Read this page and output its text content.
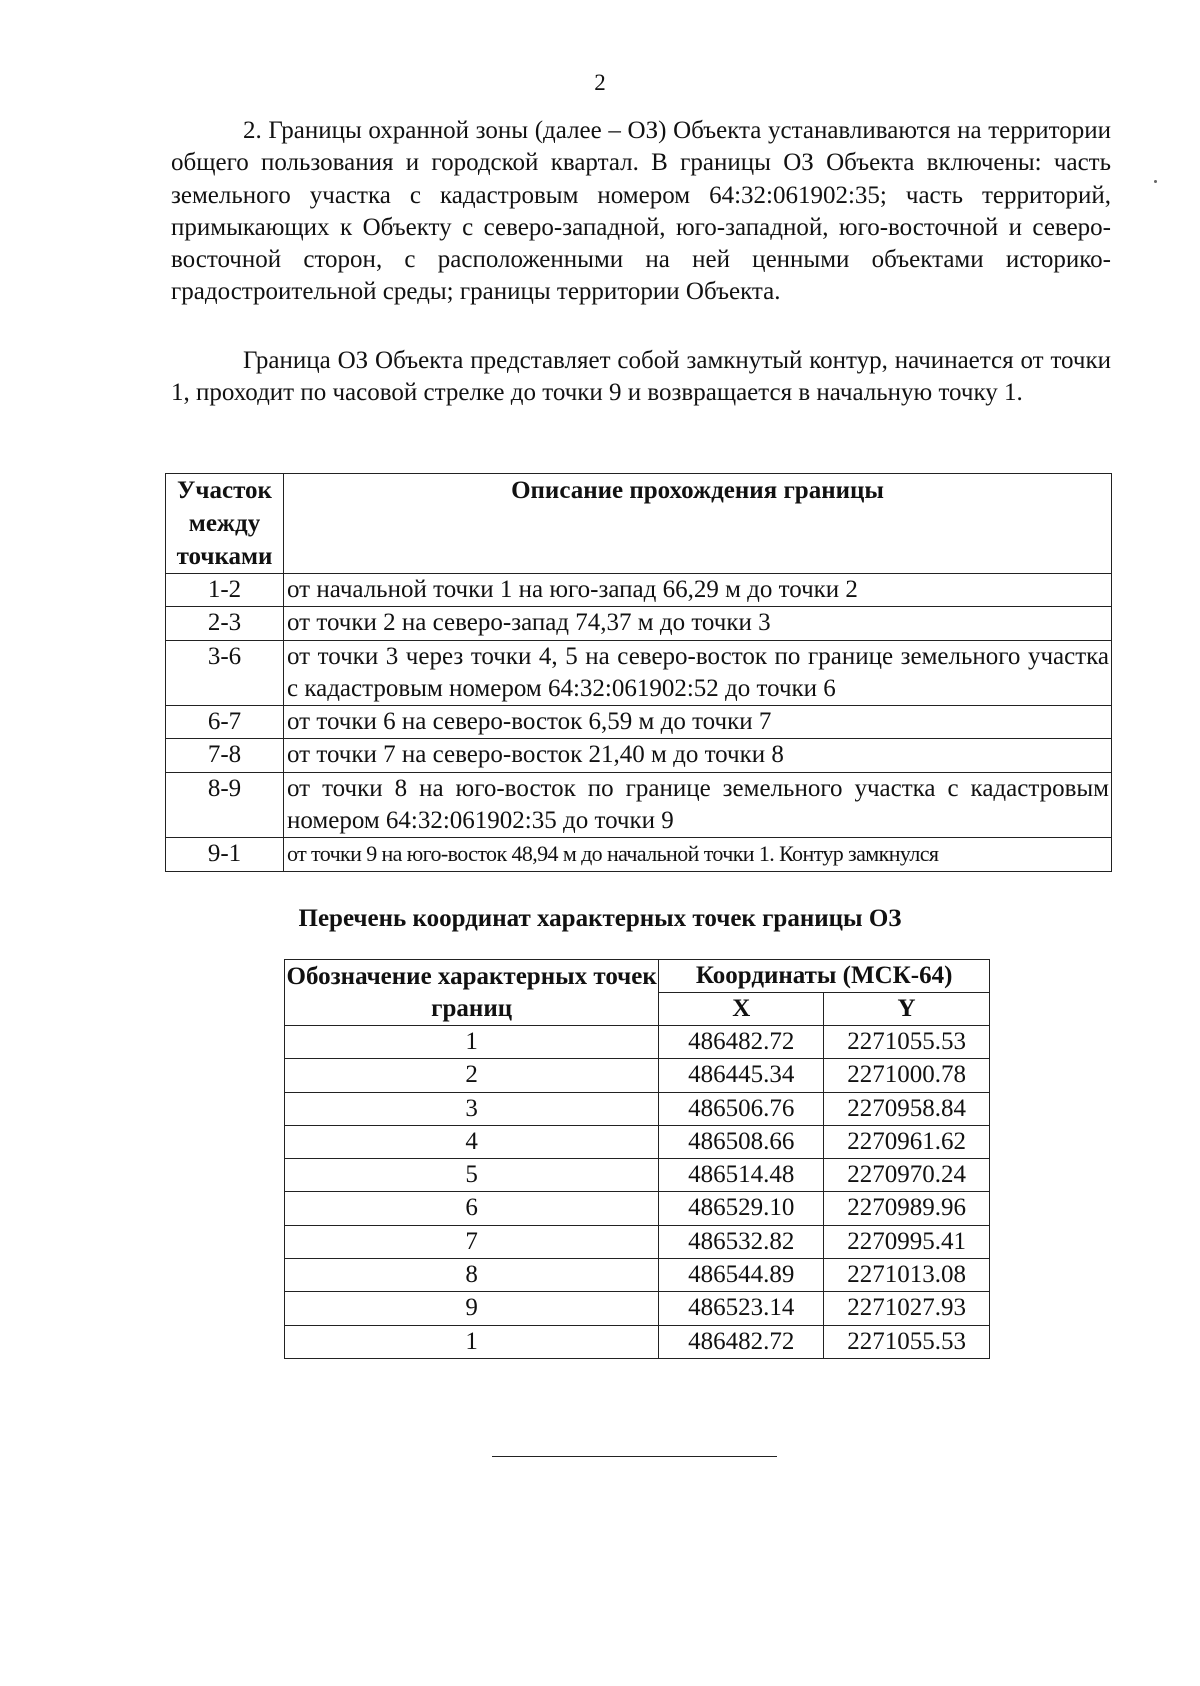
2

2. Границы охранной зоны (далее – ОЗ) Объекта устанавливаются на территории общего пользования и городской квартал. В границы ОЗ Объекта включены: часть земельного участка с кадастровым номером 64:32:061902:35; часть территорий, примыкающих к Объекту с северо-западной, юго-западной, юго-восточной и северо-восточной сторон, с расположенными на ней ценными объектами историко-градостроительной среды; границы территории Объекта.

Граница ОЗ Объекта представляет собой замкнутый контур, начинается от точки 1, проходит по часовой стрелке до точки 9 и возвращается в начальную точку 1.

Участок между точками	Описание прохождения границы
1-2	от начальной точки 1 на юго-запад 66,29 м до точки 2
2-3	от точки 2 на северо-запад 74,37 м до точки 3
3-6	от точки 3 через точки 4, 5 на северо-восток по границе земельного участка с кадастровым номером 64:32:061902:52 до точки 6
6-7	от точки 6 на северо-восток 6,59 м до точки 7
7-8	от точки 7 на северо-восток 21,40 м до точки 8
8-9	от точки 8 на юго-восток по границе земельного участка с кадастровым номером 64:32:061902:35 до точки 9
9-1	от точки 9 на юго-восток 48,94 м до начальной точки 1. Контур замкнулся
Перечень координат характерных точек границы ОЗ
Обозначение характерных точек границ	Координаты (МСК-64)	
	X	Y
1	486482.72	2271055.53
2	486445.34	2271000.78
3	486506.76	2270958.84
4	486508.66	2270961.62
5	486514.48	2270970.24
6	486529.10	2270989.96
7	486532.82	2270995.41
8	486544.89	2271013.08
9	486523.14	2271027.93
1	486482.72	2271055.53
